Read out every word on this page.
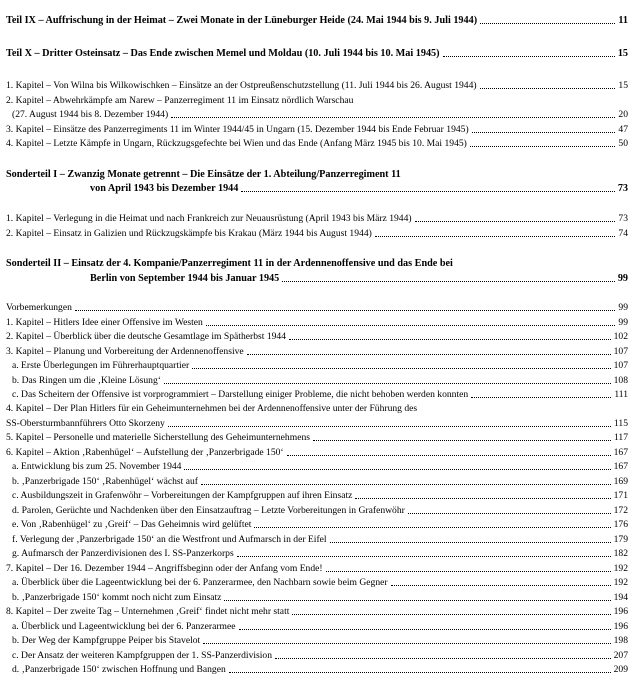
Teil IX – Auffrischung in der Heimat – Zwei Monate in der Lüneburger Heide (24. Mai 1944 bis 9. Juli 1944)	11
Teil X – Dritter Osteinsatz – Das Ende zwischen Memel und Moldau (10. Juli 1944 bis 10. Mai 1945)	15
1. Kapitel – Von Wilna bis Wilkowischken – Einsätze an der Ostpreußenschutzstellung (11. Juli 1944 bis 26. August 1944)	15
2. Kapitel – Abwehrkämpfe am Narew – Panzerregiment 11 im Einsatz nördlich Warschau
(27. August 1944 bis 8. Dezember 1944)	20
3. Kapitel – Einsätze des Panzerregiments 11 im Winter 1944/45 in Ungarn (15. Dezember 1944 bis Ende Februar 1945)	47
4. Kapitel – Letzte Kämpfe in Ungarn, Rückzugsgefechte bei Wien und das Ende (Anfang März 1945 bis 10. Mai 1945)	50
Sonderteil I – Zwanzig Monate getrennt – Die Einsätze der 1. Abteilung/Panzerregiment 11
von April 1943 bis Dezember 1944	73
1. Kapitel – Verlegung in die Heimat und nach Frankreich zur Neuausrüstung (April 1943 bis März 1944)	73
2. Kapitel – Einsatz in Galizien und Rückzugskämpfe bis Krakau (März 1944 bis August 1944)	74
Sonderteil II – Einsatz der 4. Kompanie/Panzerregiment 11 in der Ardennenoffensive und das Ende bei
Berlin von September 1944 bis Januar 1945	99
Vorbemerkungen	99
1. Kapitel – Hitlers Idee einer Offensive im Westen	99
2. Kapitel – Überblick über die deutsche Gesamtlage im Spätherbst 1944	102
3. Kapitel – Planung und Vorbereitung der Ardennenoffensive	107
a. Erste Überlegungen im Führerhauptquartier	107
b. Das Ringen um die ‚Kleine Lösung‘	108
c. Das Scheitern der Offensive ist vorprogrammiert – Darstellung einiger Probleme, die nicht behoben werden konnten	111
4. Kapitel – Der Plan Hitlers für ein Geheimunternehmen bei der Ardennenoffensive unter der Führung des
SS-Obersturmbannführers Otto Skorzeny	115
5. Kapitel – Personelle und materielle Sicherstellung des Geheimunternehmens	117
6. Kapitel – Aktion ‚Rabenhügel‘ – Aufstellung der ‚Panzerbrigade 150‘	167
a. Entwicklung bis zum 25. November 1944	167
b. ‚Panzerbrigade 150‘ ‚Rabenhügel‘ wächst auf	169
c. Ausbildungszeit in Grafenwöhr – Vorbereitungen der Kampfgruppen auf ihren Einsatz	171
d. Parolen, Gerüchte und Nachdenken über den Einsatzauftrag – Letzte Vorbereitungen in Grafenwöhr	172
e. Von ‚Rabenhügel‘ zu ‚Greif‘ – Das Geheimnis wird gelüftet	176
f. Verlegung der ‚Panzerbrigade 150‘ an die Westfront und Aufmarsch in der Eifel	179
g. Aufmarsch der Panzerdivisionen des I. SS-Panzerkorps	182
7. Kapitel – Der 16. Dezember 1944 – Angriffsbeginn oder der Anfang vom Ende!	192
a. Überblick über die Lageentwicklung bei der 6. Panzerarmee, den Nachbarn sowie beim Gegner	192
b. ‚Panzerbrigade 150‘ kommt noch nicht zum Einsatz	194
8. Kapitel – Der zweite Tag – Unternehmen ‚Greif‘ findet nicht mehr statt	196
a. Überblick und Lageentwicklung bei der 6. Panzerarmee	196
b. Der Weg der Kampfgruppe Peiper bis Stavelot	198
c. Der Ansatz der weiteren Kampfgruppen der 1. SS-Panzerdivision	207
d. ‚Panzerbrigade 150‘ zwischen Hoffnung und Bangen	209
